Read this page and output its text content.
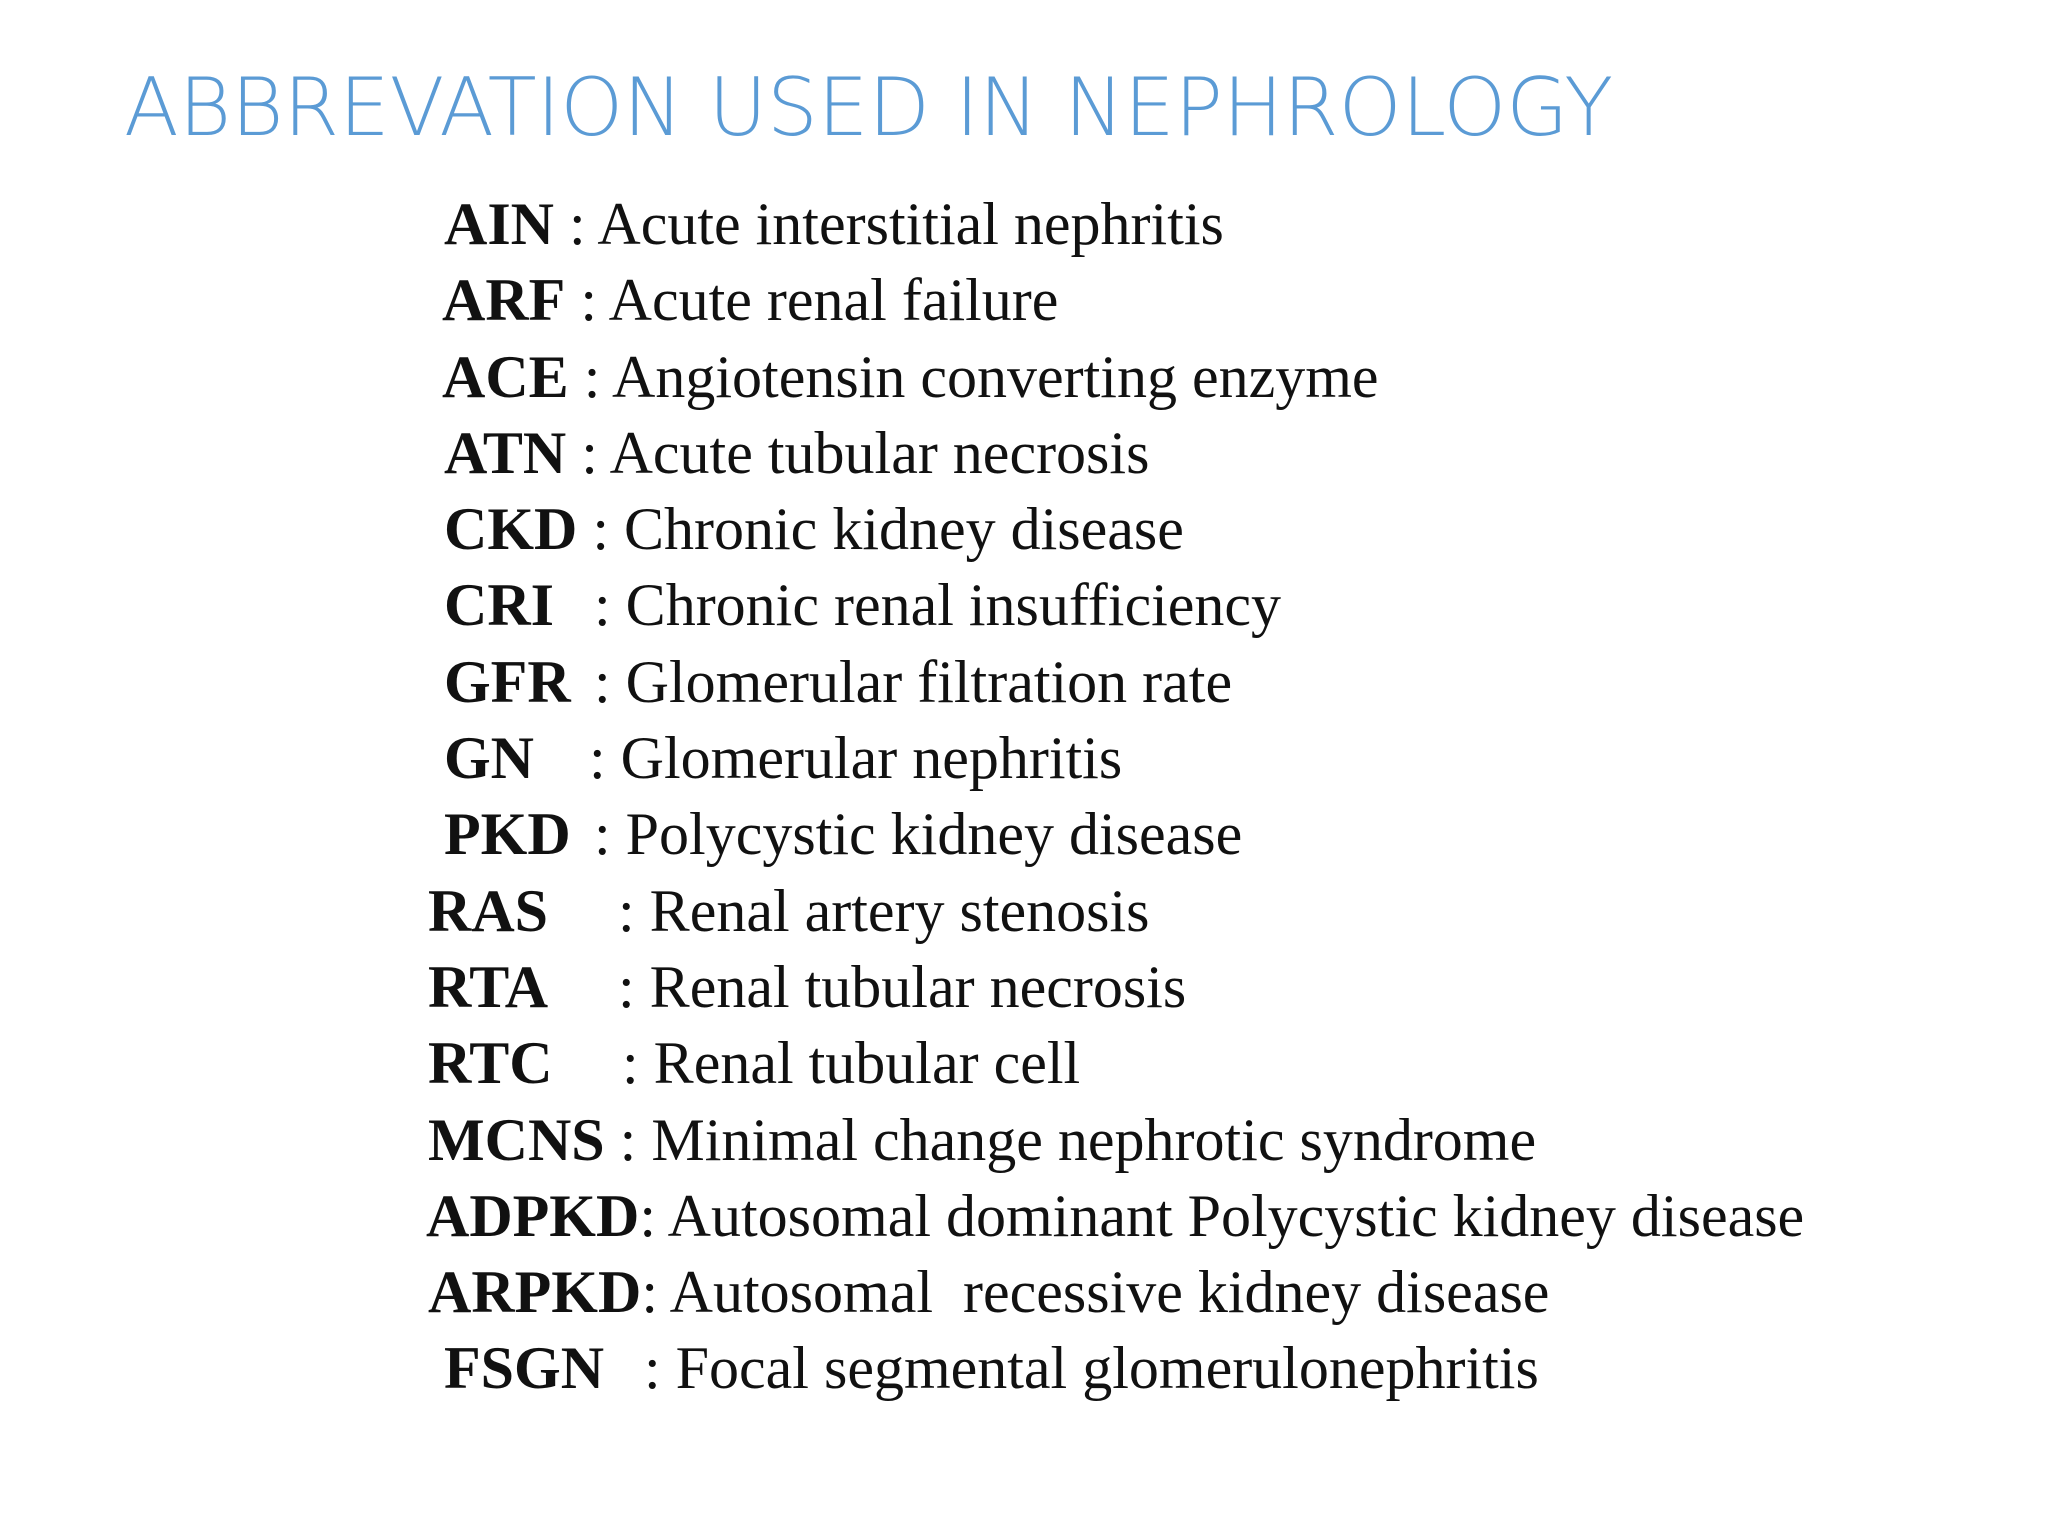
ABBREVATION USED IN NEPHROLOGY
AIN : Acute interstitial nephritis
ARF : Acute renal failure
ACE : Angiotensin converting enzyme
ATN : Acute tubular necrosis
CKD : Chronic kidney disease
CRI : Chronic renal insufficiency
GFR : Glomerular filtration rate
GN : Glomerular nephritis
PKD : Polycystic kidney disease
RAS : Renal artery stenosis
RTA : Renal tubular necrosis
RTC : Renal tubular cell
MCNS : Minimal change nephrotic syndrome
ADPKD: Autosomal dominant Polycystic kidney disease
ARPKD: Autosomal  recessive kidney disease
FSGN : Focal segmental glomerulonephritis
